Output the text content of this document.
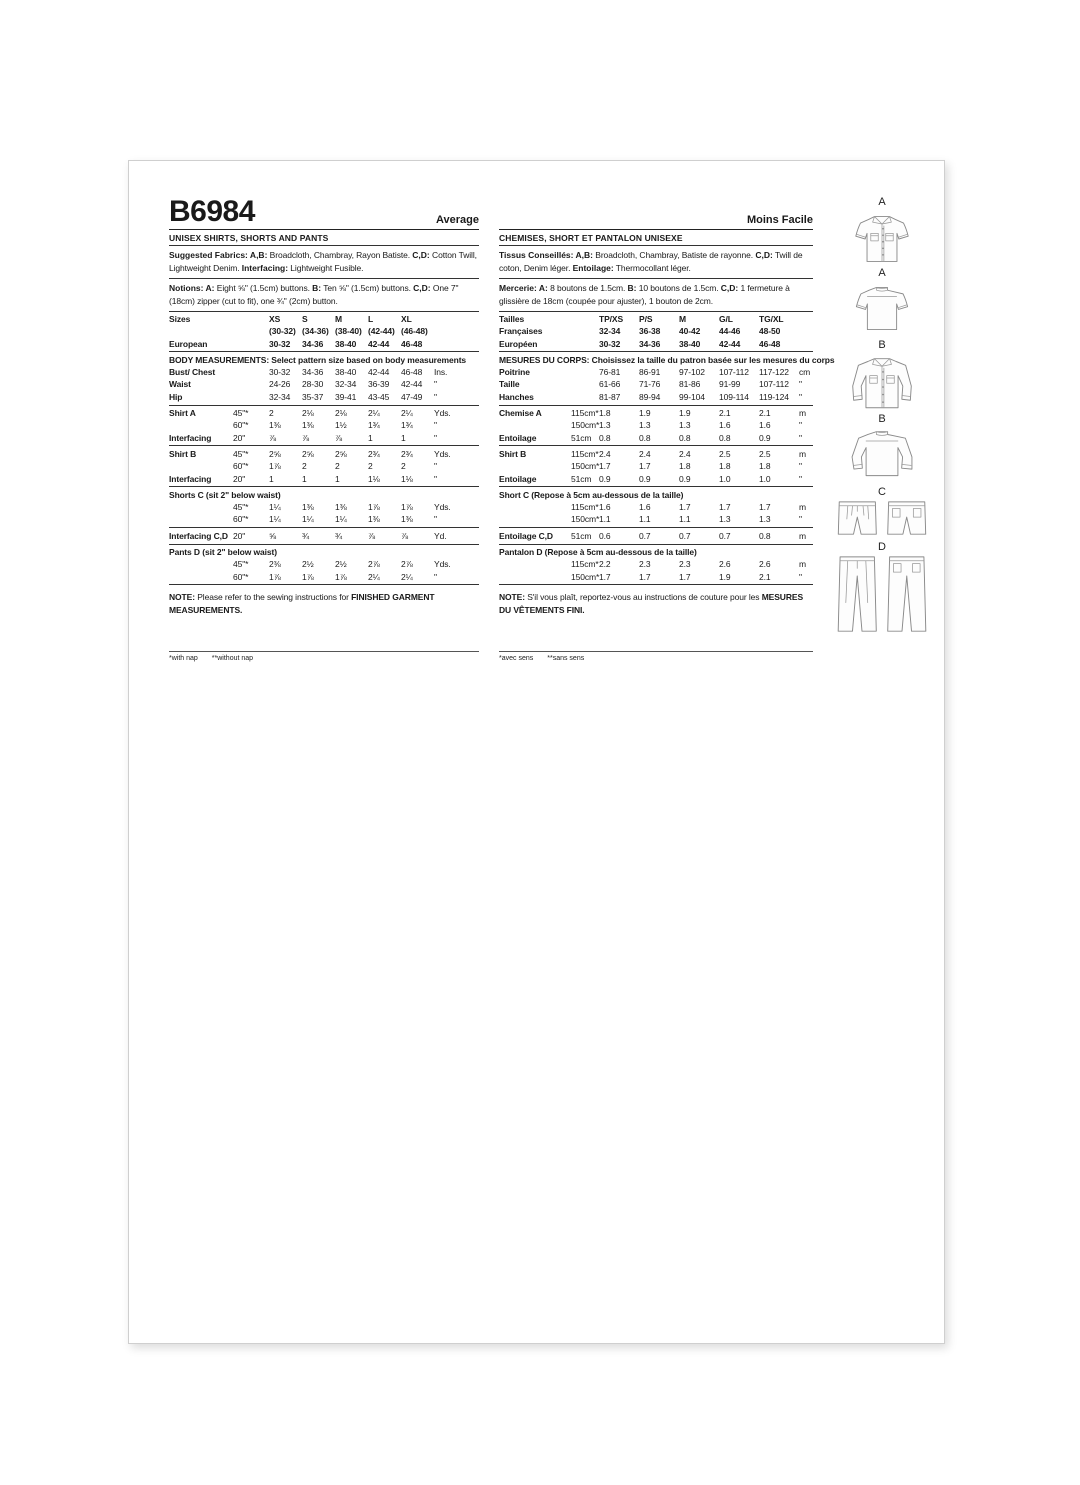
B6984	Average
UNISEX SHIRTS, SHORTS AND PANTS
Suggested Fabrics: A,B: Broadcloth, Chambray, Rayon Batiste. C,D: Cotton Twill, Lightweight Denim. Interfacing: Lightweight Fusible.
Notions: A: Eight ⅝" (1.5cm) buttons. B: Ten ⅝" (1.5cm) buttons. C,D: One 7" (18cm) zipper (cut to fit), one ¾" (2cm) button.
Sizes	XS	S	M	L	XL
(30-32) (34-36) (38-40) (42-44) (46-48)
European	30-32	34-36	38-40	42-44	46-48
BODY MEASUREMENTS: Select pattern size based on body measurements
Bust/ Chest	30-32	34-36	38-40	42-44	46-48	Ins.
Waist	24-26	28-30	32-34	36-39	42-44	"
Hip	32-34	35-37	39-41	43-45	47-49	"
Shirt A	45"*	2	2⅛	2⅛	2¼	2¼	Yds.
60"*	1⅜	1⅜	1½	1¾	1¾	"
Interfacing	20"	⅞	⅞	⅞	1	1	"
Shirt B	45"*	2⅝	2⅝	2⅝	2¾	2¾	Yds.
60"*	1⅞	2	2	2	2	"
Interfacing	20"	1	1	1	1⅛	1⅛	"
Shorts C (sit 2" below waist)
45"*	1¼	1⅜	1⅜	1⅞	1⅞	Yds.
60"*	1¼	1¼	1¼	1⅜	1⅜	"
Interfacing C,D 20"	⅝	¾	¾	⅞	⅞	Yd.
Pants D (sit 2" below waist)
45"*	2⅜	2½	2½	2⅞	2⅞	Yds.
60"*	1⅞	1⅞	1⅞	2¼	2¼	"
NOTE: Please refer to the sewing instructions for FINISHED GARMENT MEASUREMENTS.
*with nap **without nap
Moins Facile
CHEMISES, SHORT ET PANTALON UNISEXE
Tissus Conseillés: A,B: Broadcloth, Chambray, Batiste de rayonne. C,D: Twill de coton, Denim léger. Entoilage: Thermocollant léger.
Mercerie: A: 8 boutons de 1.5cm. B: 10 boutons de 1.5cm. C,D: 1 fermeture à glissière de 18cm (coupée pour ajuster), 1 bouton de 2cm.
Tailles	TP/XS	P/S	M	G/L	TG/XL
Françaises	32-34	36-38	40-42	44-46	48-50
Européen	30-32	34-36	38-40	42-44	46-48
MESURES DU CORPS: Choisissez la taille du patron basée sur les mesures du corps
Poitrine	76-81	86-91	97-102	107-112	117-122	cm
Taille	61-66	71-76	81-86	91-99	107-112	"
Hanches	81-87	89-94	99-104	109-114	119-124	"
Chemise A	115cm* 1.8	1.9	1.9	2.1	2.1	m
150cm* 1.3	1.3	1.3	1.6	1.6	"
Entoilage	51cm 0.8	0.8	0.8	0.8	0.9	"
Shirt B	115cm* 2.4	2.4	2.4	2.5	2.5	m
150cm* 1.7	1.7	1.8	1.8	1.8	"
Entoilage	51cm 0.9	0.9	0.9	1.0	1.0	"
Short C (Repose à 5cm au-dessous de la taille)
115cm* 1.6	1.6	1.7	1.7	1.7	m
150cm* 1.1	1.1	1.1	1.3	1.3	"
Entoilage C,D	51cm 0.6	0.7	0.7	0.7	0.8	m
Pantalon D (Repose à 5cm au-dessous de la taille)
115cm* 2.2	2.3	2.3	2.6	2.6	m
150cm* 1.7	1.7	1.7	1.9	2.1	"
NOTE: S'il vous plaît, reportez-vous au instructions de couture pour les MESURES DU VÊTEMENTS FINI.
*avec sens **sans sens
A
A
B
B
C
D
